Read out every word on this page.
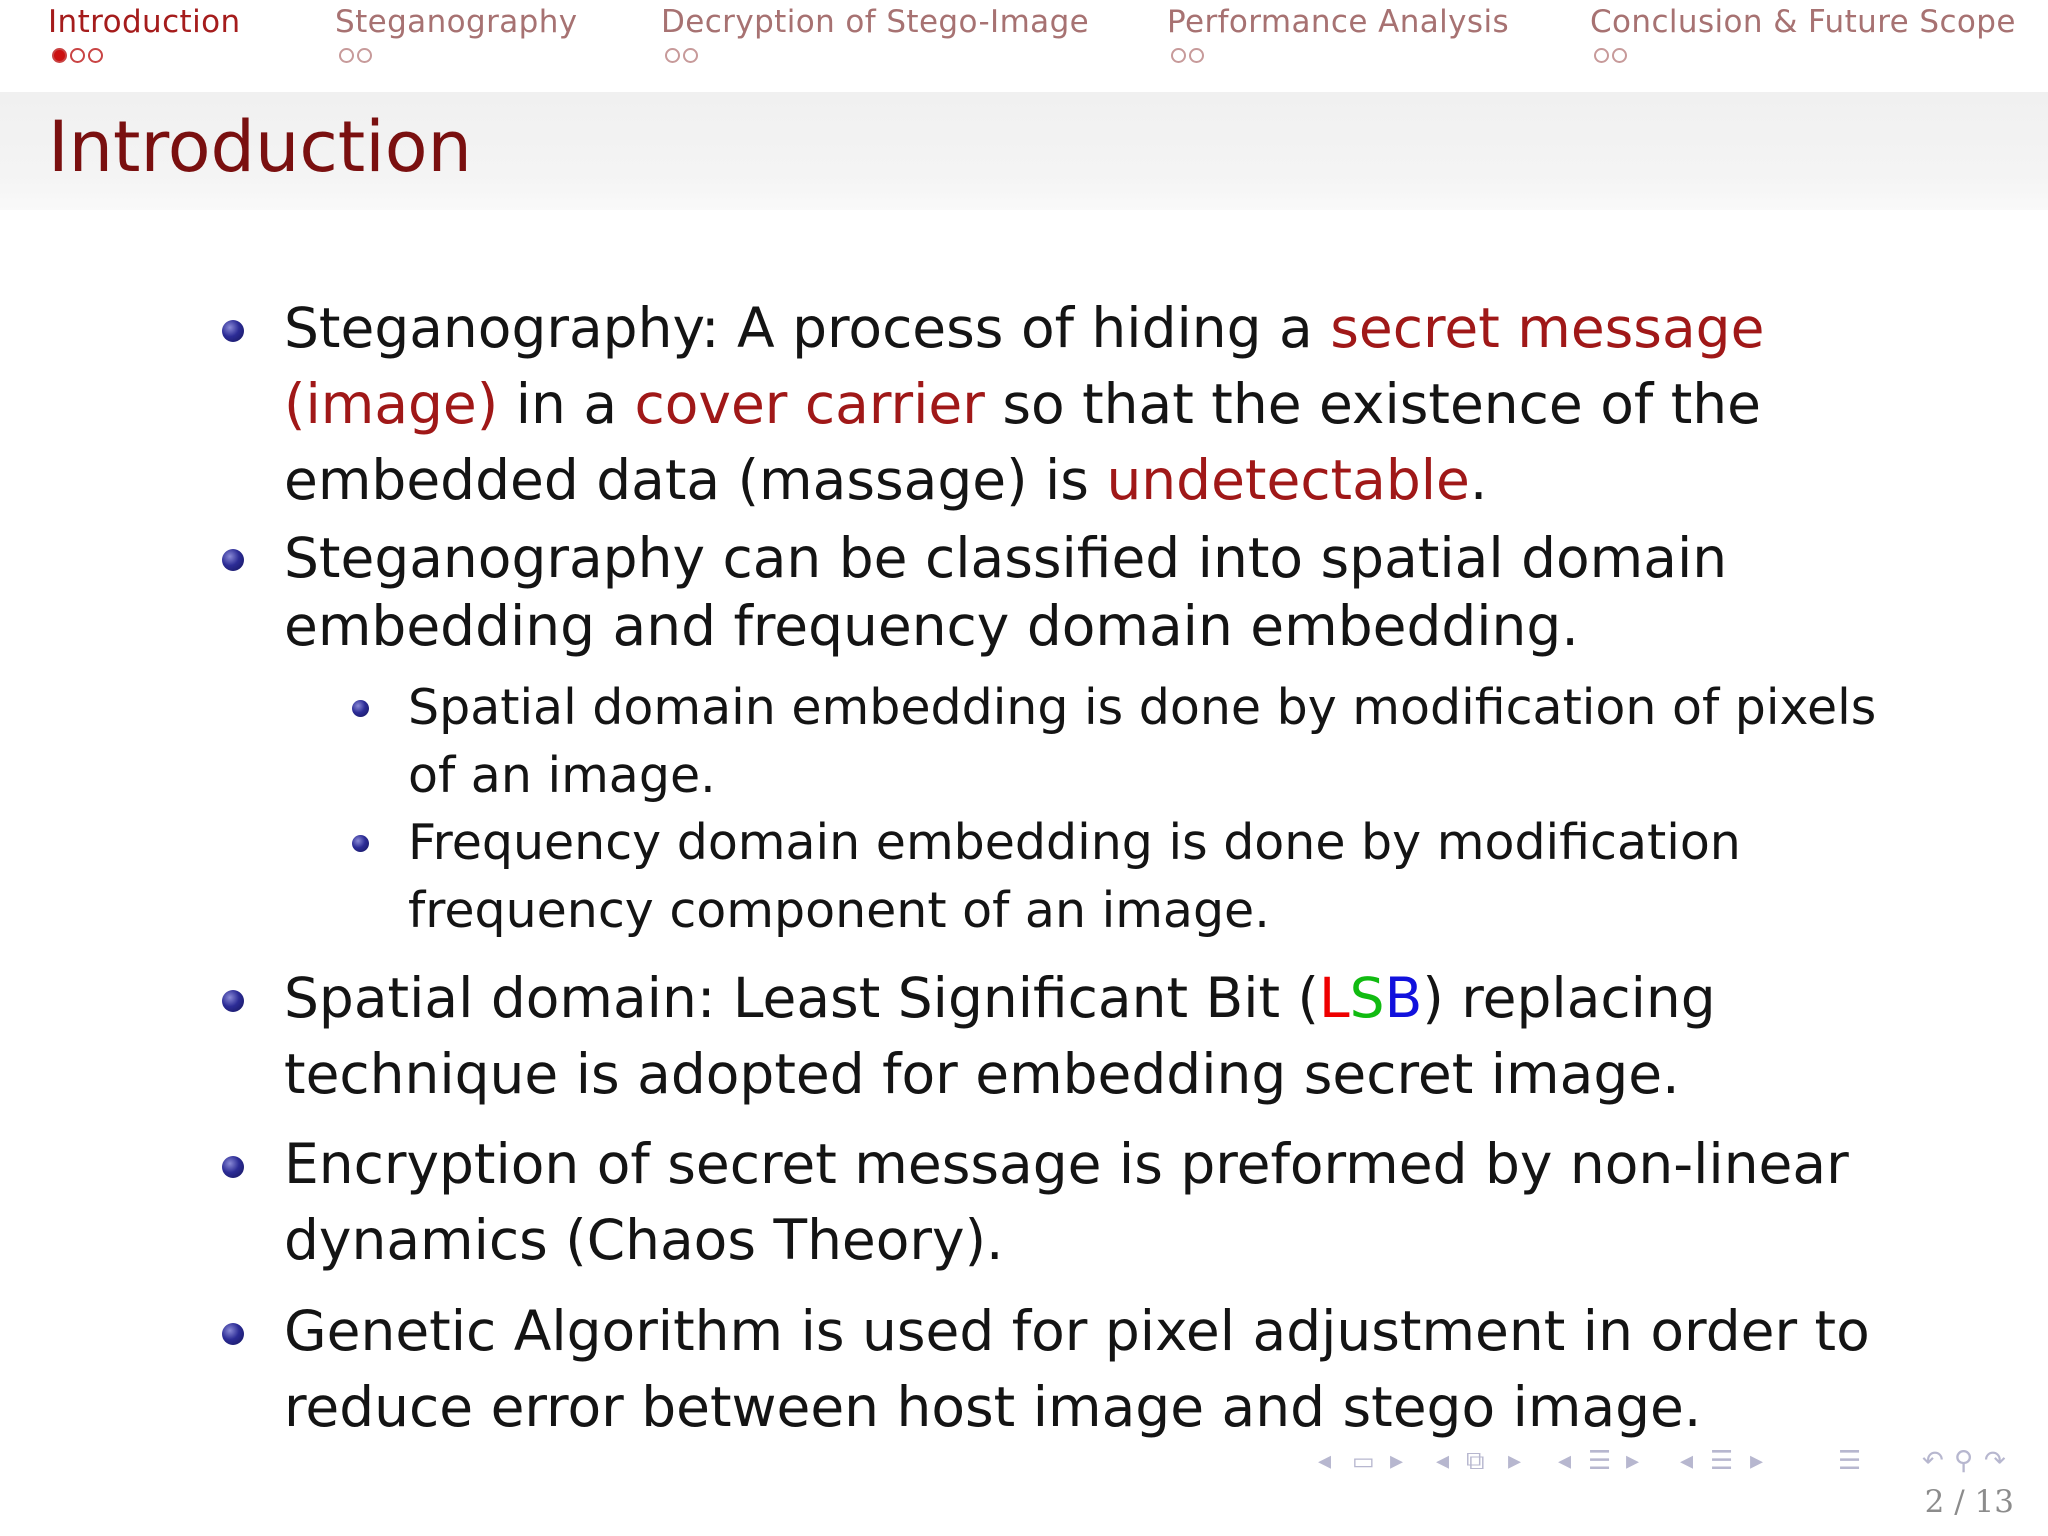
Introduction	Steganography	Decryption of Stego-Image	Performance Analysis	Conclusion & Future Scope
Introduction
Steganography: A process of hiding a secret message (image) in a cover carrier so that the existence of the embedded data (massage) is undetectable.
Steganography can be classified into spatial domain embedding and frequency domain embedding.
Spatial domain embedding is done by modification of pixels of an image.
Frequency domain embedding is done by modification frequency component of an image.
Spatial domain: Least Significant Bit (LSB) replacing technique is adopted for embedding secret image.
Encryption of secret message is preformed by non-linear dynamics (Chaos Theory).
Genetic Algorithm is used for pixel adjustment in order to reduce error between host image and stego image.
◂ ▭ ▸ ◂ ⧉ ▸ ◂ ☰ ▸ ◂ ☰ ▸	☰ ↶ ⚲ ↷
2 / 13
